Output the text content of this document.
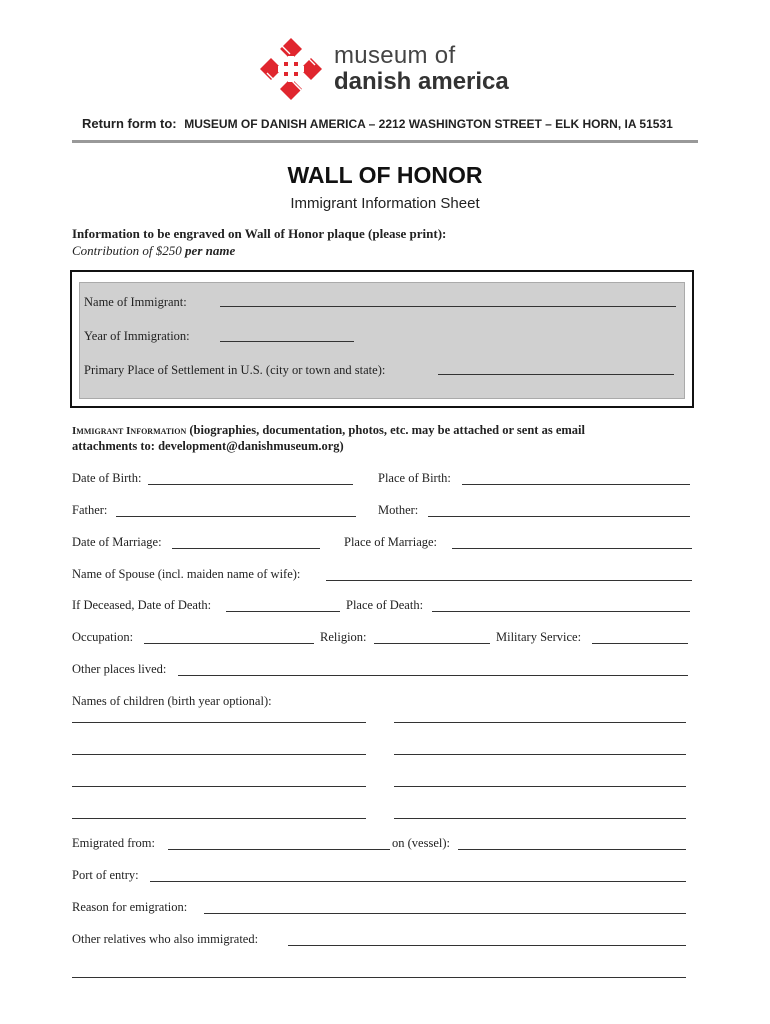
museum of
danish america
Return form to: MUSEUM OF DANISH AMERICA – 2212 WASHINGTON STREET – ELK HORN, IA 51531
WALL OF HONOR
Immigrant Information Sheet
Information to be engraved on Wall of Honor plaque (please print):
Contribution of $250 per name
Name of Immigrant:
Year of Immigration:
Primary Place of Settlement in U.S. (city or town and state):
Immigrant Information (biographies, documentation, photos, etc. may be attached or sent as email
attachments to: development@danishmuseum.org)
Date of Birth:	Place of Birth:
Father:	Mother:
Date of Marriage:	Place of Marriage:
Name of Spouse (incl. maiden name of wife):
If Deceased, Date of Death:	Place of Death:
Occupation:	Religion:	Military Service:
Other places lived:
Names of children (birth year optional):
Emigrated from:	on (vessel):
Port of entry:
Reason for emigration:
Other relatives who also immigrated:
